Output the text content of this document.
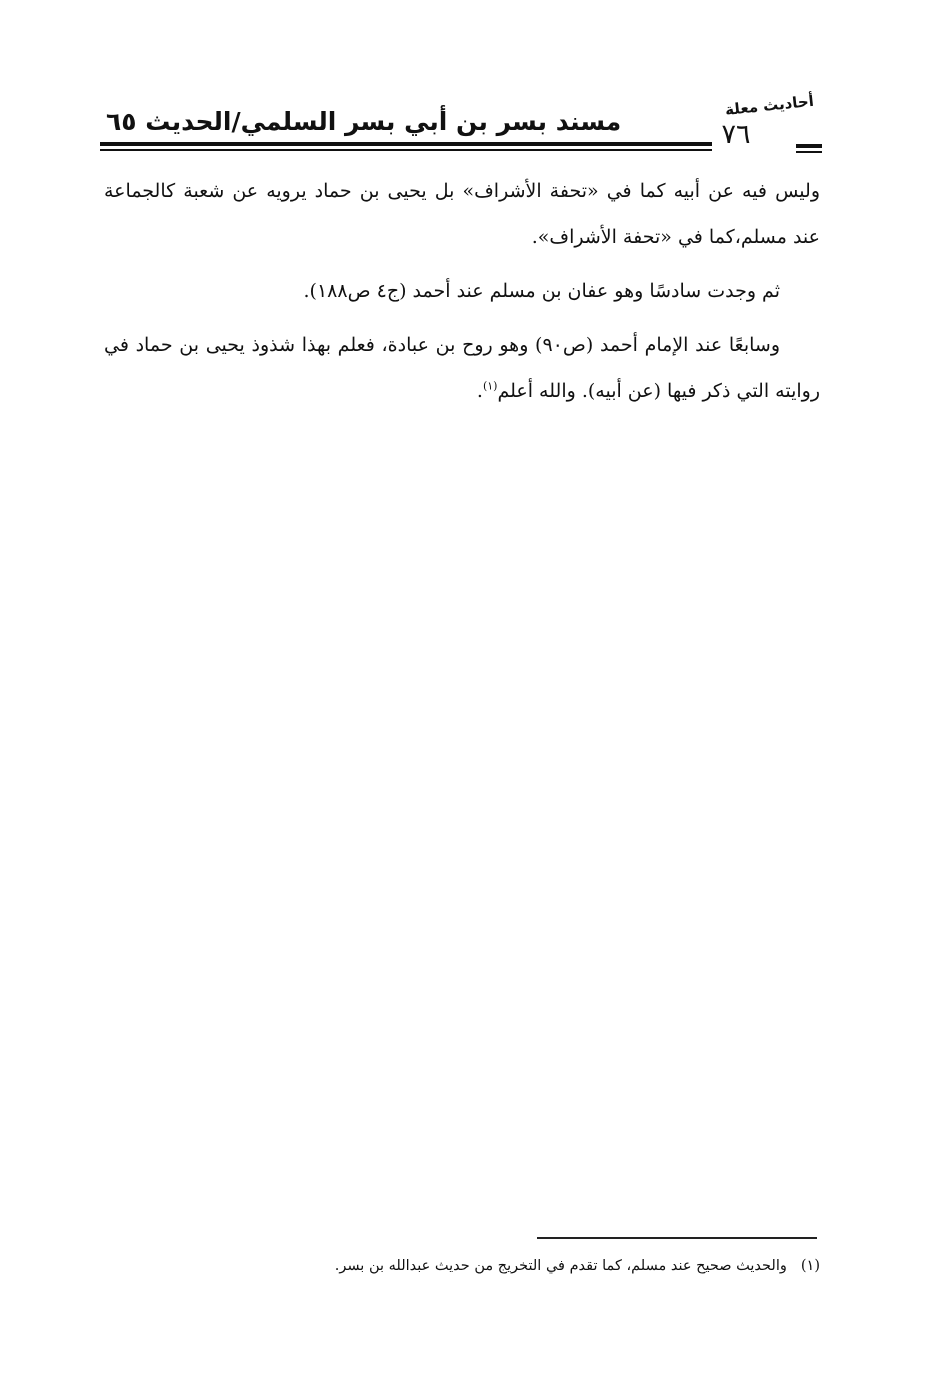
مسند بسر بن أبي بسر السلمي/الحديث ٦٥
أحاديث معلة
٧٦

وليس فيه عن أبيه كما في «تحفة الأشراف» بل يحيى بن حماد يرويه عن شعبة كالجماعة عند مسلم،كما في «تحفة الأشراف».

ثم وجدت سادسًا وهو عفان بن مسلم عند أحمد (ج٤ ص١٨٨).

وسابعًا عند الإمام أحمد (ص٩٠) وهو روح بن عبادة، فعلم بهذا شذوذ يحيى بن حماد في روايته التي ذكر فيها (عن أبيه). والله أعلم$^{(١)}$.

(١)والحديث صحيح عند مسلم، كما تقدم في التخريج من حديث عبدالله بن بسر.
